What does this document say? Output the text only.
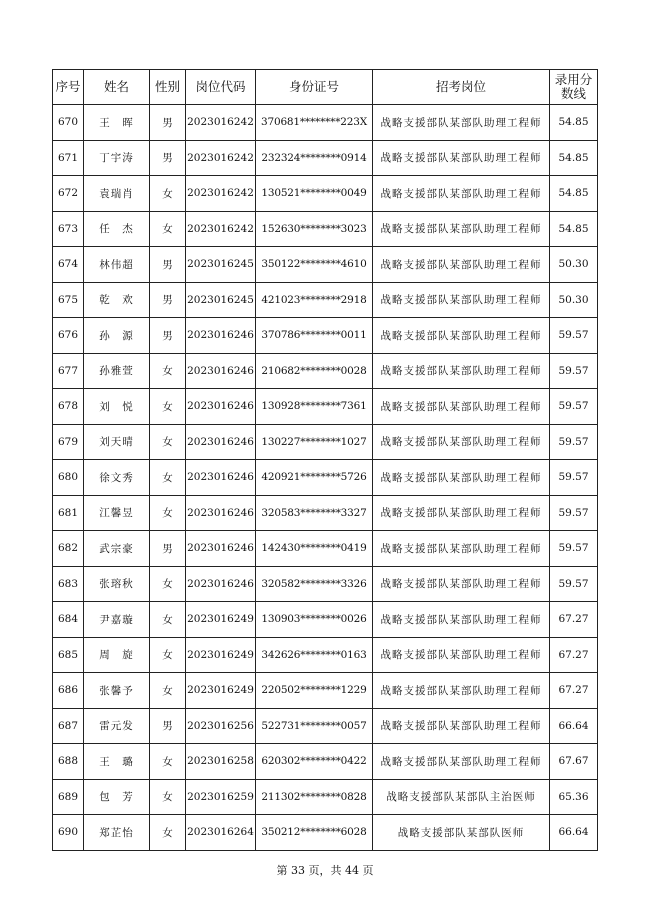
序号	姓名	性别	岗位代码	身份证号	招考岗位	录用分数线
670	王　晖	男	2023016242	370681********223X	战略支援部队某部队助理工程师	54.85
671	丁宇涛	男	2023016242	232324********0914	战略支援部队某部队助理工程师	54.85
672	袁瑞肖	女	2023016242	130521********0049	战略支援部队某部队助理工程师	54.85
673	任　杰	女	2023016242	152630********3023	战略支援部队某部队助理工程师	54.85
674	林伟超	男	2023016245	350122********4610	战略支援部队某部队助理工程师	50.30
675	乾　欢	男	2023016245	421023********2918	战略支援部队某部队助理工程师	50.30
676	孙　源	男	2023016246	370786********0011	战略支援部队某部队助理工程师	59.57
677	孙雅萱	女	2023016246	210682********0028	战略支援部队某部队助理工程师	59.57
678	刘　悦	女	2023016246	130928********7361	战略支援部队某部队助理工程师	59.57
679	刘天晴	女	2023016246	130227********1027	战略支援部队某部队助理工程师	59.57
680	徐文秀	女	2023016246	420921********5726	战略支援部队某部队助理工程师	59.57
681	江馨昱	女	2023016246	320583********3327	战略支援部队某部队助理工程师	59.57
682	武宗豪	男	2023016246	142430********0419	战略支援部队某部队助理工程师	59.57
683	张瑢秋	女	2023016246	320582********3326	战略支援部队某部队助理工程师	59.57
684	尹嘉璇	女	2023016249	130903********0026	战略支援部队某部队助理工程师	67.27
685	周　旋	女	2023016249	342626********0163	战略支援部队某部队助理工程师	67.27
686	张馨予	女	2023016249	220502********1229	战略支援部队某部队助理工程师	67.27
687	雷元发	男	2023016256	522731********0057	战略支援部队某部队助理工程师	66.64
688	王　璐	女	2023016258	620302********0422	战略支援部队某部队助理工程师	67.67
689	包　芳	女	2023016259	211302********0828	战略支援部队某部队主治医师	65.36
690	郑芷怡	女	2023016264	350212********6028	战略支援部队某部队医师	66.64
第 33 页，共 44 页
